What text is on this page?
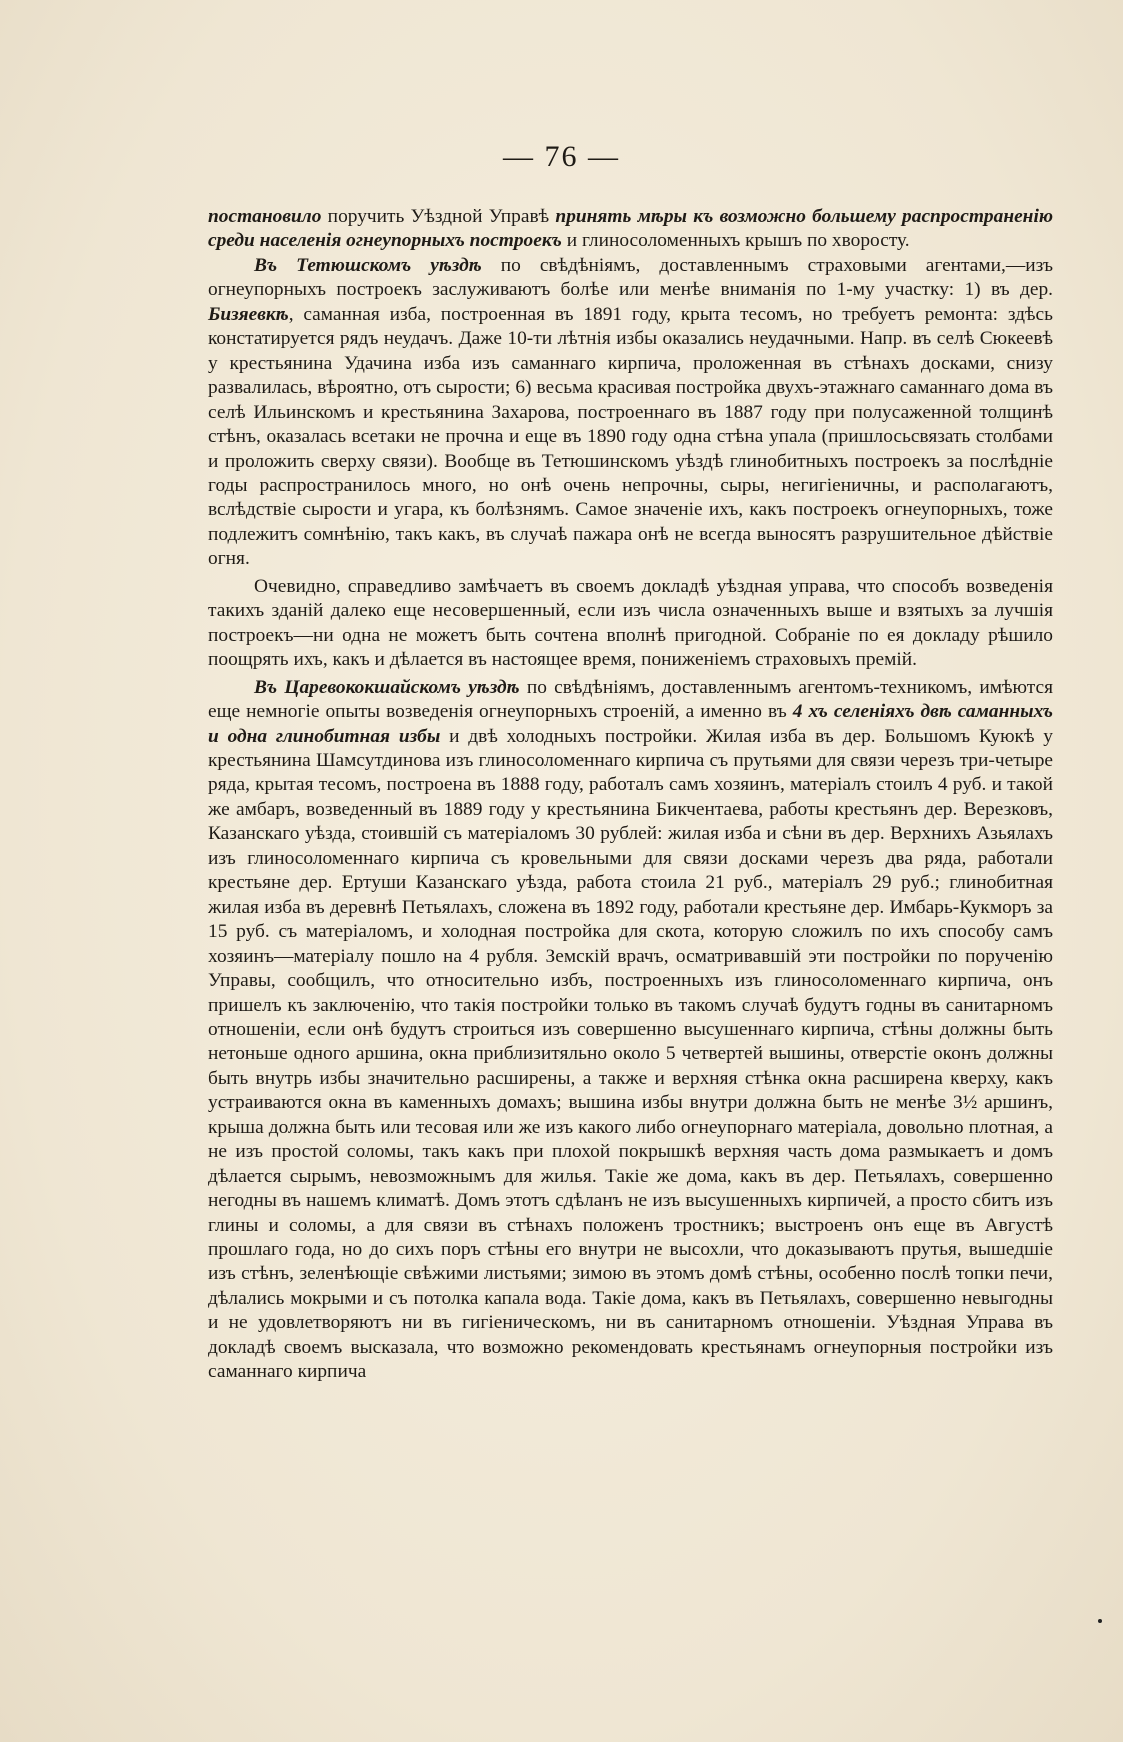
— 76 —

постановило поручить Уѣздной Управѣ принять мѣры къ возможно большему распространенію среди населенія огнеупорныхъ построекъ и глиносоломенныхъ крышъ по хворосту.

Въ Тетюшскомъ уѣздѣ по свѣдѣніямъ, доставленнымъ страховыми агентами,—изъ огнеупорныхъ построекъ заслуживаютъ болѣе или менѣе вниманія по 1-му участку: 1) въ дер. Бизяевкѣ, саманная изба, построенная въ 1891 году, крыта тесомъ, но требуетъ ремонта: здѣсь констатируется рядъ неудачъ. Даже 10-ти лѣтнія избы оказались неудачными. Напр. въ селѣ Сюкеевѣ у крестьянина Удачина изба изъ саманнаго кирпича, проложенная въ стѣнахъ досками, снизу развалилась, вѣроятно, отъ сырости; 6) весьма красивая постройка двухъ-этажнаго саманнаго дома въ селѣ Ильинскомъ и крестьянина Захарова, построеннаго въ 1887 году при полусаженной толщинѣ стѣнъ, оказалась всетаки не прочна и еще въ 1890 году одна стѣна упала (пришлосьсвязать столбами и проложить сверху связи). Вообще въ Тетюшинскомъ уѣздѣ глинобитныхъ построекъ за послѣдніе годы распространилось много, но онѣ очень непрочны, сыры, негигіеничны, и располагаютъ, вслѣдствіе сырости и угара, къ болѣзнямъ. Самое значеніе ихъ, какъ построекъ огнеупорныхъ, тоже подлежитъ сомнѣнію, такъ какъ, въ случаѣ пажара онѣ не всегда выносятъ разрушительное дѣйствіе огня.

Очевидно, справедливо замѣчаетъ въ своемъ докладѣ уѣздная управа, что способъ возведенія такихъ зданій далеко еще несовершенный, если изъ числа означенныхъ выше и взятыхъ за лучшія построекъ—ни одна не можетъ быть сочтена вполнѣ пригодной. Собраніе по ея докладу рѣшило поощрять ихъ, какъ и дѣлается въ настоящее время, пониженіемъ страховыхъ премій.

Въ Царевококшайскомъ уѣздѣ по свѣдѣніямъ, доставленнымъ агентомъ-техникомъ, имѣются еще немногіе опыты возведенія огнеупорныхъ строеній, а именно въ 4 хъ селеніяхъ двѣ саманныхъ и одна глинобитная избы и двѣ холодныхъ постройки. Жилая изба въ дер. Большомъ Куюкѣ у крестьянина Шамсутдинова изъ глиносоломеннаго кирпича съ прутьями для связи черезъ три-четыре ряда, крытая тесомъ, построена въ 1888 году, работалъ самъ хозяинъ, матеріалъ стоилъ 4 руб. и такой же амбаръ, возведенный въ 1889 году у крестьянина Бикчентаева, работы крестьянъ дер. Верезковъ, Казанскаго уѣзда, стоившій съ матеріаломъ 30 рублей: жилая изба и сѣни въ дер. Верхнихъ Азьялахъ изъ глиносоломеннаго кирпича съ кровельными для связи досками черезъ два ряда, работали крестьяне дер. Ертуши Казанскаго уѣзда, работа стоила 21 руб., матеріалъ 29 руб.; глинобитная жилая изба въ деревнѣ Петьялахъ, сложена въ 1892 году, работали крестьяне дер. Имбарь-Кукморъ за 15 руб. съ матеріаломъ, и холодная постройка для скота, которую сложилъ по ихъ способу самъ хозяинъ—матеріалу пошло на 4 рубля. Земскій врачъ, осматривавшій эти постройки по порученію Управы, сообщилъ, что относительно избъ, построенныхъ изъ глиносоломеннаго кирпича, онъ пришелъ къ заключенію, что такія постройки только въ такомъ случаѣ будутъ годны въ санитарномъ отношеніи, если онѣ будутъ строиться изъ совершенно высушеннаго кирпича, стѣны должны быть нетоньше одного аршина, окна приблизитяльно около 5 четвертей вышины, отверстіе оконъ должны быть внутрь избы значительно расширены, а также и верхняя стѣнка окна расширена кверху, какъ устраиваются окна въ каменныхъ домахъ; вышина избы внутри должна быть не менѣе 3½ аршинъ, крыша должна быть или тесовая или же изъ какого либо огнеупорнаго матеріала, довольно плотная, а не изъ простой соломы, такъ какъ при плохой покрышкѣ верхняя часть дома размыкаетъ и домъ дѣлается сырымъ, невозможнымъ для жилья. Такіе же дома, какъ въ дер. Петьялахъ, совершенно негодны въ нашемъ климатѣ. Домъ этотъ сдѣланъ не изъ высушенныхъ кирпичей, а просто сбитъ изъ глины и соломы, а для связи въ стѣнахъ положенъ тростникъ; выстроенъ онъ еще въ Августѣ прошлаго года, но до сихъ поръ стѣны его внутри не высохли, что доказываютъ прутья, вышедшіе изъ стѣнъ, зеленѣющіе свѣжими листьями; зимою въ этомъ домѣ стѣны, особенно послѣ топки печи, дѣлались мокрыми и съ потолка капала вода. Такіе дома, какъ въ Петьялахъ, совершенно невыгодны и не удовлетворяютъ ни въ гигіеническомъ, ни въ санитарномъ отношеніи. Уѣздная Управа въ докладѣ своемъ высказала, что возможно рекомендовать крестьянамъ огнеупорныя постройки изъ саманнаго кирпича
